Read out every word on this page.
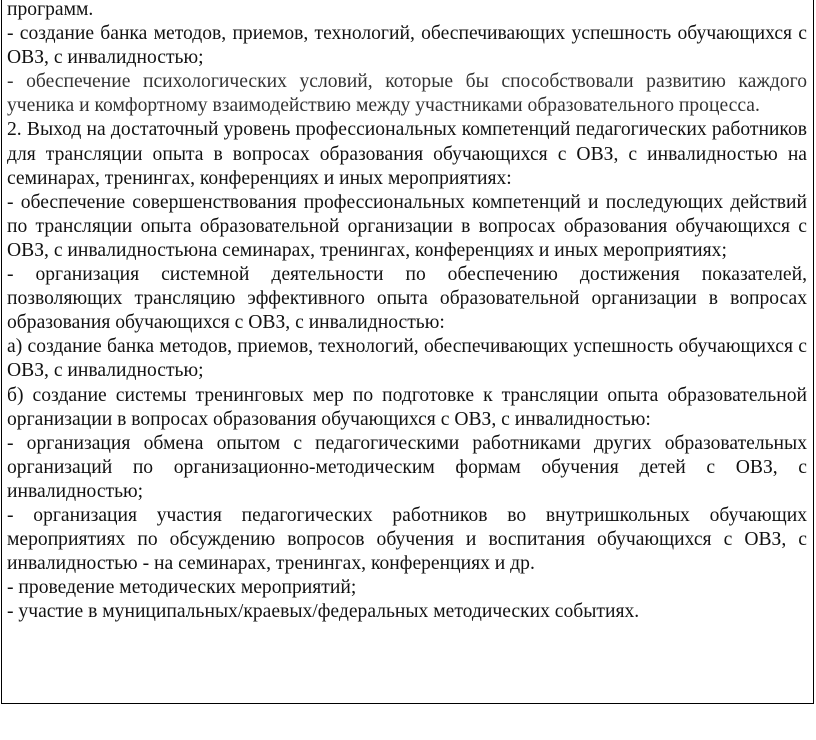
программ.

- создание банка методов, приемов, технологий, обеспечивающих успешность обучающихся с ОВЗ, с инвалидностью;

- обеспечение психологических условий, которые бы способствовали развитию каждого ученика и комфортному взаимодействию между участниками образовательного процесса.

2. Выход на достаточный уровень профессиональных компетенций педагогических работников для трансляции опыта в вопросах образования обучающихся с ОВЗ, с инвалидностью на семинарах, тренингах, конференциях и иных мероприятиях:

- обеспечение совершенствования профессиональных компетенций и последующих действий по трансляции опыта образовательной организации в вопросах образования обучающихся с ОВЗ, с инвалидностьюна семинарах, тренингах, конференциях и иных мероприятиях;

- организация системной деятельности по обеспечению достижения показателей, позволяющих трансляцию эффективного опыта образовательной организации в вопросах образования обучающихся с ОВЗ, с инвалидностью:

а) создание банка методов, приемов, технологий, обеспечивающих успешность обучающихся с ОВЗ, с инвалидностью;

б) создание системы тренинговых мер по подготовке к трансляции опыта образовательной организации в вопросах образования обучающихся с ОВЗ, с инвалидностью:

- организация обмена опытом с педагогическими работниками других образовательных организаций по организационно-методическим формам обучения детей с ОВЗ, с инвалидностью;

- организация участия педагогических работников во внутришкольных обучающих мероприятиях по обсуждению вопросов обучения и воспитания обучающихся с ОВЗ, с инвалидностью - на семинарах, тренингах, конференциях и др.

- проведение методических мероприятий;

- участие в муниципальных/краевых/федеральных методических событиях.
